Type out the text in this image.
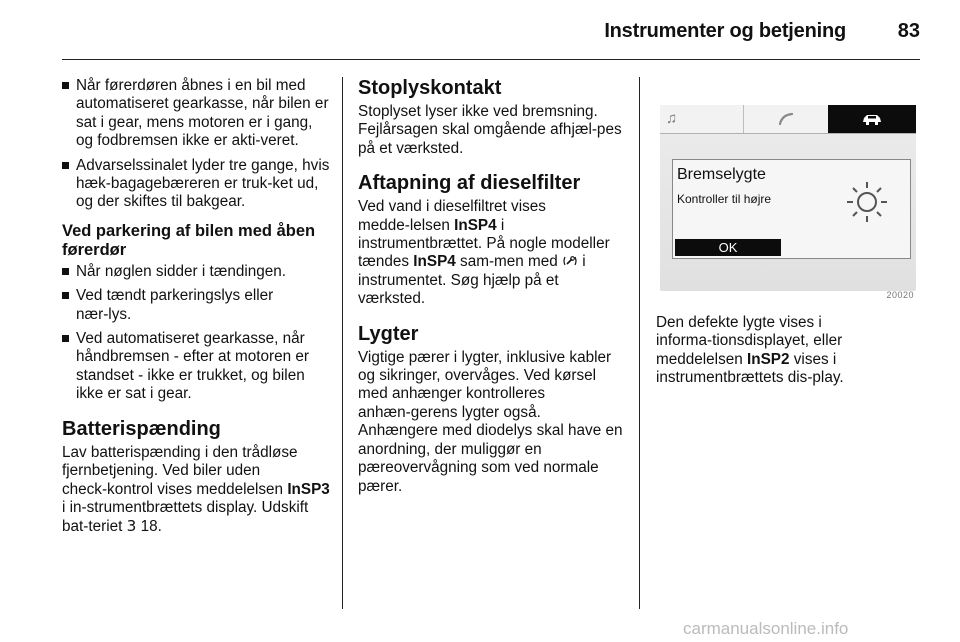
Instrumenter og betjening	83
Når førerdøren åbnes i en bil med automatiseret gearkasse, når bilen er sat i gear, mens motoren er i gang, og fodbremsen ikke er akti‑veret.
Advarselssinalet lyder tre gange, hvis hæk‑bagagebæreren er truk‑ket ud, og der skiftes til bakgear.
Ved parkering af bilen med åben førerdør
Når nøglen sidder i tændingen.
Ved tændt parkeringslys eller nær‑lys.
Ved automatiseret gearkasse, når håndbremsen ‑ efter at motoren er standset ‑ ikke er trukket, og bilen ikke er sat i gear.
Batterispænding

Lav batterispænding i den trådløse fjernbetjening. Ved biler uden check‑kontrol vises meddelelsen InSP3 i in‑strumentbrættets display. Udskift bat‑teriet 3 18.

Stoplyskontakt

Stoplyset lyser ikke ved bremsning. Fejlårsagen skal omgående afhjæl‑pes på et værksted.

Aftapning af dieselfilter

Ved vand i dieselfiltret vises medde‑lelsen InSP4 i instrumentbrættet. På nogle modeller tændes InSP4 sam‑men med  i instrumentet. Søg hjælp på et værksted.

Lygter

Vigtige pærer i lygter, inklusive kabler og sikringer, overvåges. Ved kørsel med anhænger kontrolleres anhæn‑gerens lygter også. Anhængere med diodelys skal have en anordning, der muliggør en pæreovervågning som ved normale pærer.

♫
Bremselygte
Kontroller til højre
OK
20020

Den defekte lygte vises i informa‑tionsdisplayet, eller meddelelsen InSP2 vises i instrumentbrættets dis‑play.

carmanualsonline.info
